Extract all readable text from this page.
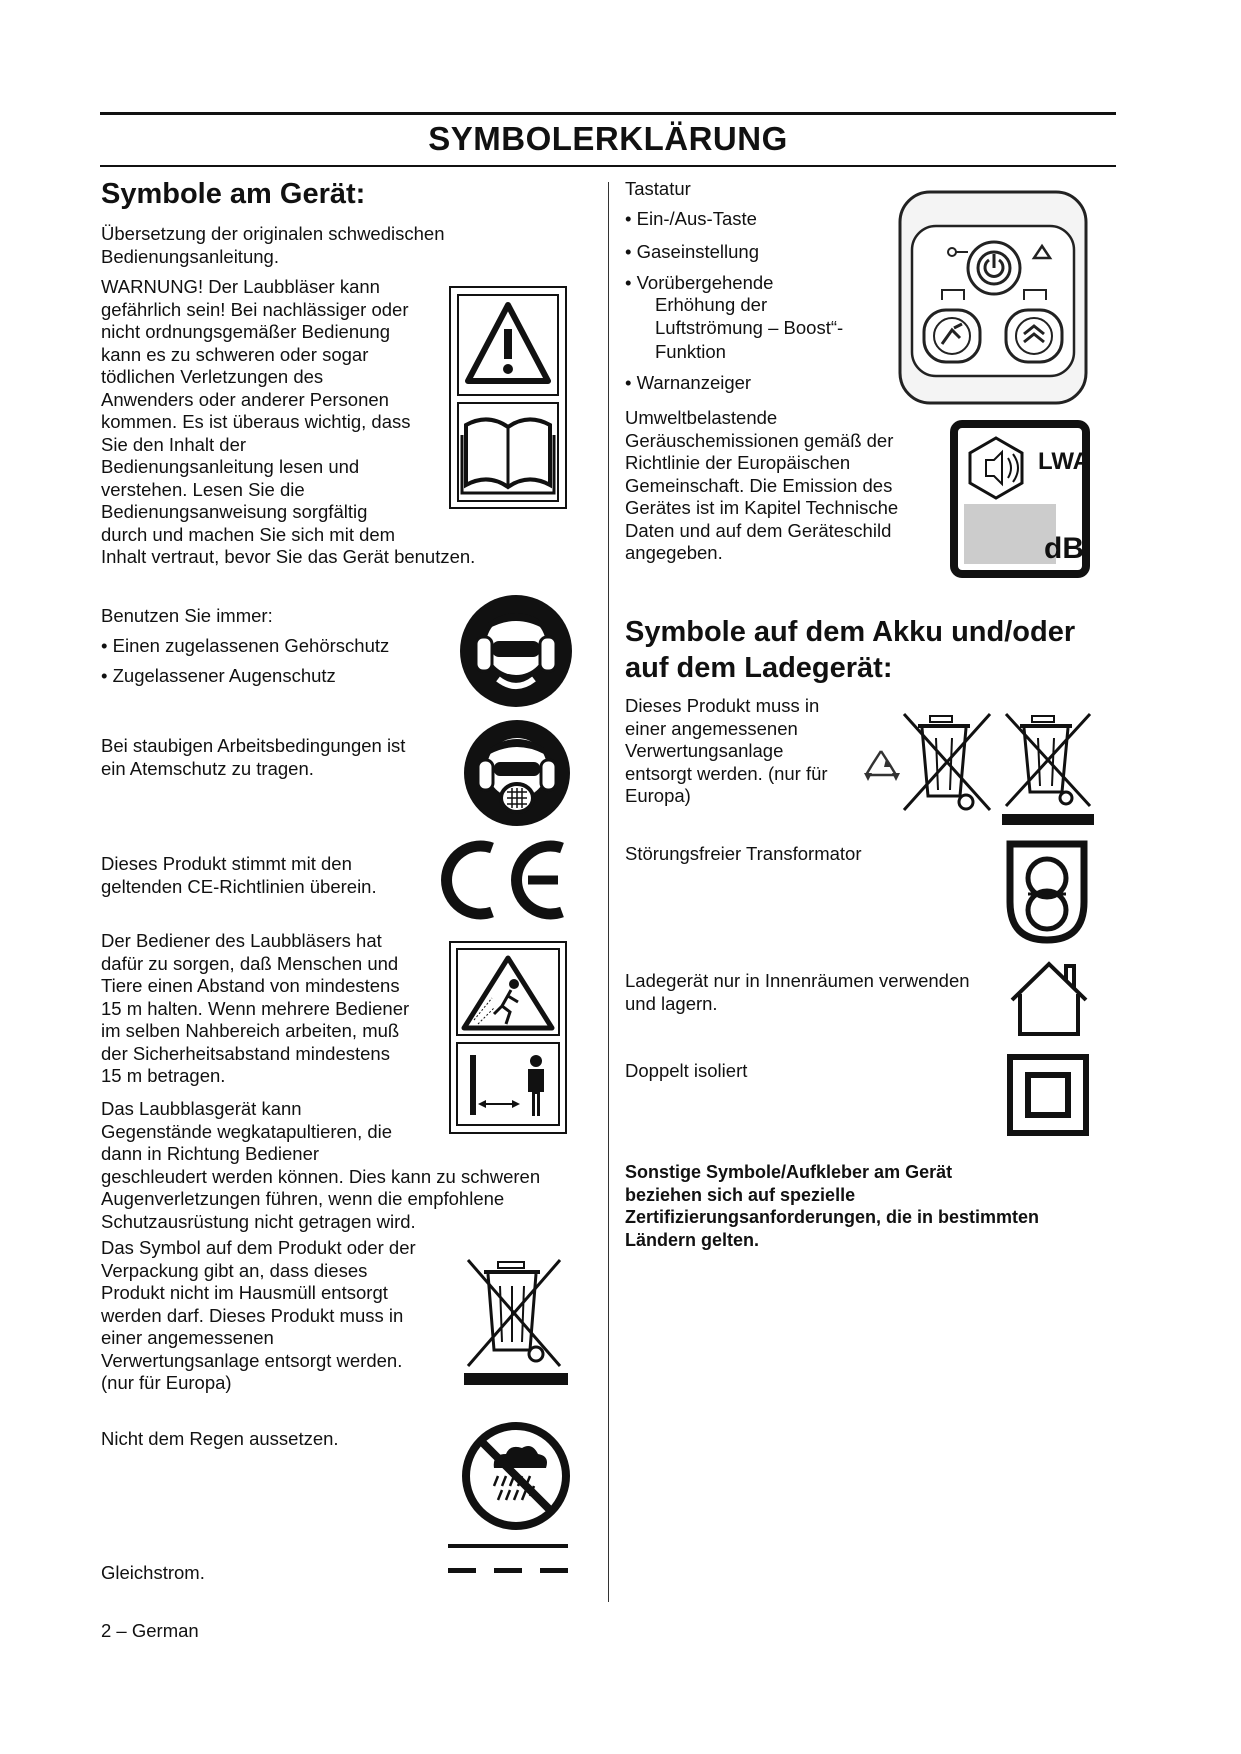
SYMBOLERKLÄRUNG
Symbole am Gerät:
Übersetzung der originalen schwedischen
Bedienungsanleitung.
WARNUNG! Der Laubbläser kann
gefährlich sein! Bei nachlässiger oder
nicht ordnungsgemäßer Bedienung
kann es zu schweren oder sogar
tödlichen Verletzungen des
Anwenders oder anderer Personen
kommen. Es ist überaus wichtig, dass
Sie den Inhalt der
Bedienungsanleitung lesen und
verstehen. Lesen Sie die
Bedienungsanweisung sorgfältig
durch und machen Sie sich mit dem
Inhalt vertraut, bevor Sie das Gerät benutzen.
Benutzen Sie immer:
• Einen zugelassenen Gehörschutz
• Zugelassener Augenschutz
Bei staubigen Arbeitsbedingungen ist
ein Atemschutz zu tragen.
Dieses Produkt stimmt mit den
geltenden CE-Richtlinien überein.
Der Bediener des Laubbläsers hat
dafür zu sorgen, daß Menschen und
Tiere einen Abstand von mindestens
15 m halten. Wenn mehrere Bediener
im selben Nahbereich arbeiten, muß
der Sicherheitsabstand mindestens
15 m betragen.
Das Laubblasgerät kann
Gegenstände wegkatapultieren, die
dann in Richtung Bediener
geschleudert werden können. Dies kann zu schweren
Augenverletzungen führen, wenn die empfohlene
Schutzausrüstung nicht getragen wird.
Das Symbol auf dem Produkt oder der
Verpackung gibt an, dass dieses
Produkt nicht im Hausmüll entsorgt
werden darf. Dieses Produkt muss in
einer angemessenen
Verwertungsanlage entsorgt werden.
(nur für Europa)
Nicht dem Regen aussetzen.
Gleichstrom.
Tastatur
• Ein-/Aus-Taste
• Gaseinstellung
• Vorübergehende
Erhöhung der
Luftströmung – Boost“-
Funktion
• Warnanzeiger
Umweltbelastende
Geräuschemissionen gemäß der
Richtlinie der Europäischen
Gemeinschaft. Die Emission des
Gerätes ist im Kapitel Technische
Daten und auf dem Geräteschild
angegeben.
LWA
dB
Symbole auf dem Akku und/oder
auf dem Ladegerät:
Dieses Produkt muss in
einer angemessenen
Verwertungsanlage
entsorgt werden. (nur für
Europa)
Störungsfreier Transformator
Ladegerät nur in Innenräumen verwenden
und lagern.
Doppelt isoliert
Sonstige Symbole/Aufkleber am Gerät
beziehen sich auf spezielle
Zertifizierungsanforderungen, die in bestimmten
Ländern gelten.
2 – German
